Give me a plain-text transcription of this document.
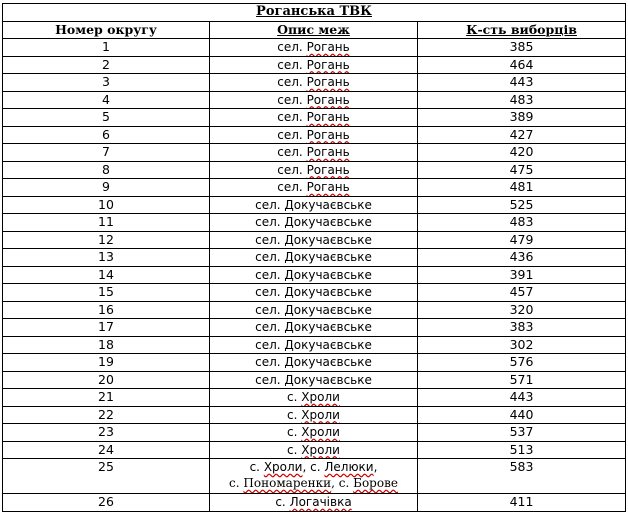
Роганська ТВК		
Номер округу	Опис меж	К-сть виборців
1	сел. Рогань	385
2	сел. Рогань	464
3	сел. Рогань	443
4	сел. Рогань	483
5	сел. Рогань	389
6	сел. Рогань	427
7	сел. Рогань	420
8	сел. Рогань	475
9	сел. Рогань	481
10	сел. Докучаєвське	525
11	сел. Докучаєвське	483
12	сел. Докучаєвське	479
13	сел. Докучаєвське	436
14	сел. Докучаєвське	391
15	сел. Докучаєвське	457
16	сел. Докучаєвське	320
17	сел. Докучаєвське	383
18	сел. Докучаєвське	302
19	сел. Докучаєвське	576
20	сел. Докучаєвське	571
21	с. Хроли	443
22	с. Хроли	440
23	с. Хроли	537
24	с. Хроли	513
25	с. Хроли, с. Лелюки,
с. Пономаренки, с. Борове	583
26	с. Логачівка	411
